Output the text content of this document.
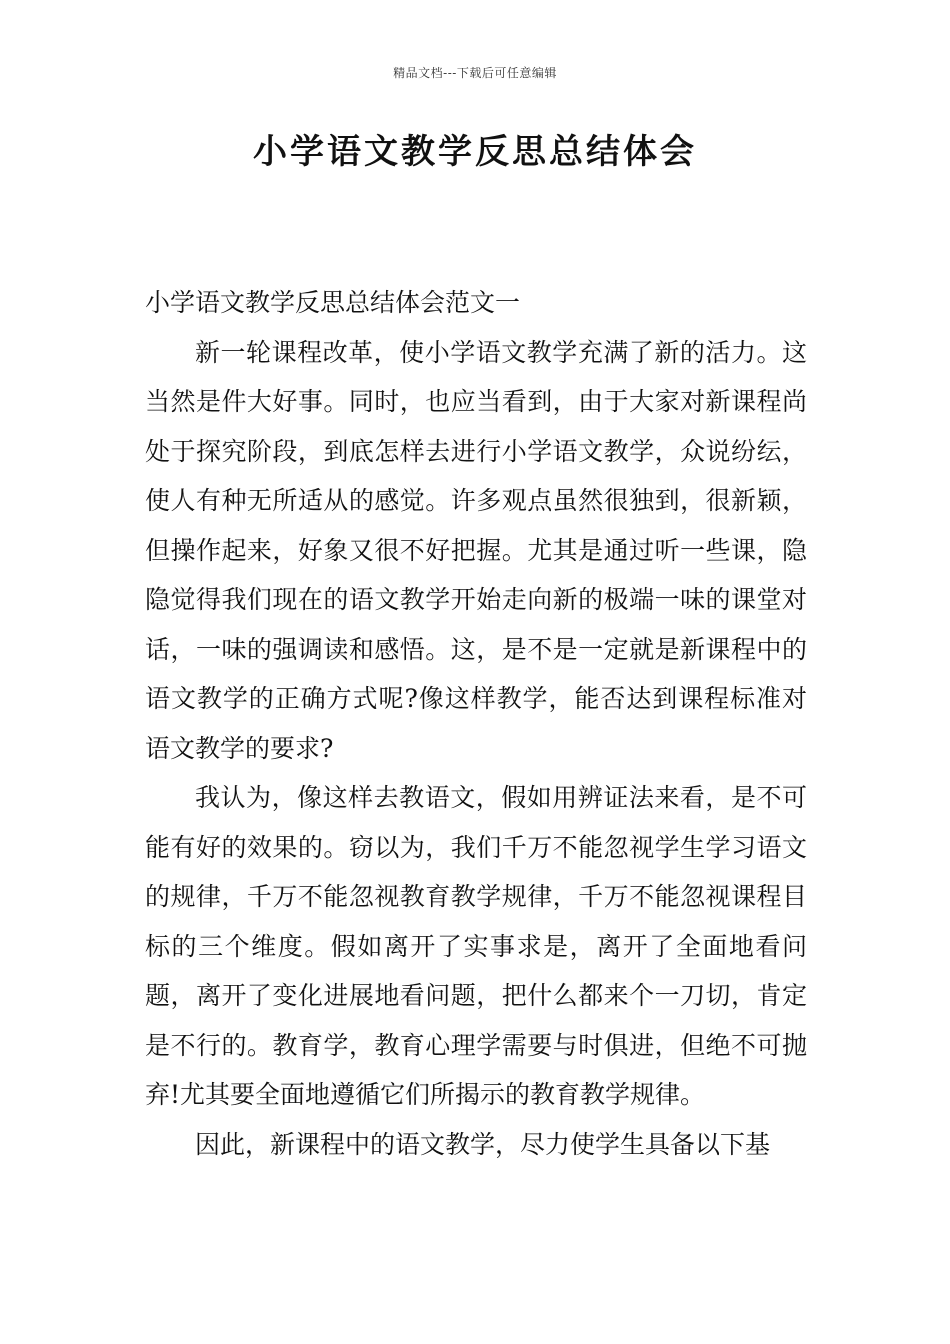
精品文档---下载后可任意编辑
小学语文教学反思总结体会

小学语文教学反思总结体会范文一

新一轮课程改革，使小学语文教学充满了新的活力。这当然是件大好事。同时，也应当看到，由于大家对新课程尚处于探究阶段，到底怎样去进行小学语文教学，众说纷纭，使人有种无所适从的感觉。许多观点虽然很独到，很新颖，但操作起来，好象又很不好把握。尤其是通过听一些课，隐隐觉得我们现在的语文教学开始走向新的极端一味的课堂对话，一味的强调读和感悟。这，是不是一定就是新课程中的语文教学的正确方式呢?像这样教学，能否达到课程标准对语文教学的要求?

我认为，像这样去教语文，假如用辨证法来看，是不可能有好的效果的。窃以为，我们千万不能忽视学生学习语文的规律，千万不能忽视教育教学规律，千万不能忽视课程目标的三个维度。假如离开了实事求是，离开了全面地看问题，离开了变化进展地看问题，把什么都来个一刀切，肯定是不行的。教育学，教育心理学需要与时俱进，但绝不可抛弃!尤其要全面地遵循它们所揭示的教育教学规律。

因此，新课程中的语文教学，尽力使学生具备以下基
